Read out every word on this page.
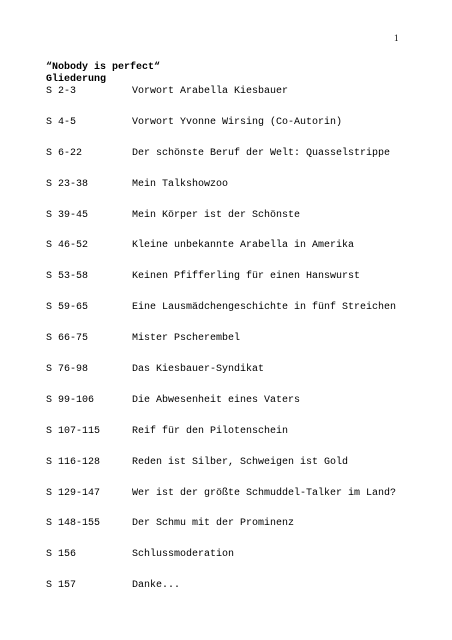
1
“Nobody is perfect“
Gliederung
S 2-3	Vorwort Arabella Kiesbauer
S 4-5	Vorwort Yvonne Wirsing (Co-Autorin)
S 6-22	Der schönste Beruf der Welt: Quasselstrippe
S 23-38	Mein Talkshowzoo
S 39-45	Mein Körper ist der Schönste
S 46-52	Kleine unbekannte Arabella in Amerika
S 53-58	Keinen Pfifferling für einen Hanswurst
S 59-65	Eine Lausmädchengeschichte in fünf Streichen
S 66-75	Mister Pscherembel
S 76-98	Das Kiesbauer-Syndikat
S 99-106	Die Abwesenheit eines Vaters
S 107-115	Reif für den Pilotenschein
S 116-128	Reden ist Silber, Schweigen ist Gold
S 129-147	Wer ist der größte Schmuddel-Talker im Land?
S 148-155	Der Schmu mit der Prominenz
S 156	Schlussmoderation
S 157	Danke...
